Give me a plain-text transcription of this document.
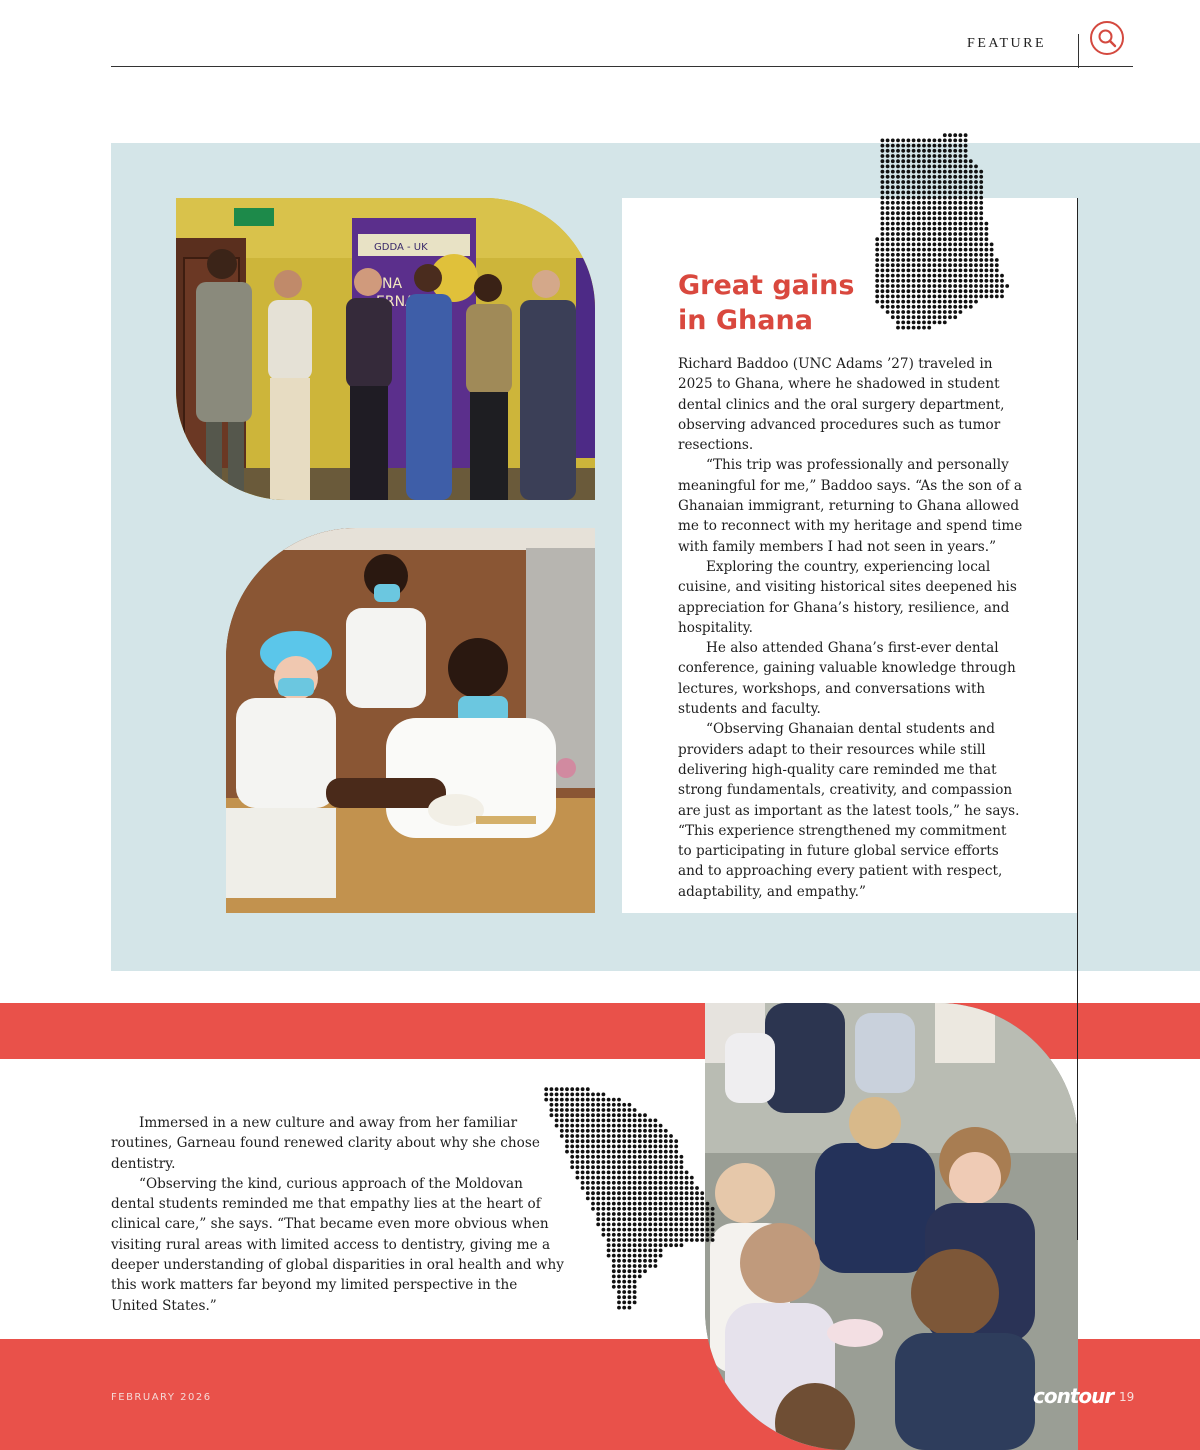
FEATURE
GDDA - UK
NA	Great gains
in Ghana

Richard Baddoo (UNC Adams ’27) traveled in 2025 to Ghana, where he shadowed in student dental clinics and the oral surgery department, observing advanced procedures such as tumor resections.

“This trip was professionally and personally meaningful for me,” Baddoo says. “As the son of a Ghanaian immigrant, returning to Ghana allowed me to reconnect with my heritage and spend time with family members I had not seen in years.”

Exploring the country, experiencing local cuisine, and visiting historical sites deepened his appreciation for Ghana’s history, resilience, and hospitality.

He also attended Ghana’s first-ever dental conference, gaining valuable knowledge through lectures, workshops, and conversations with students and faculty.

“Observing Ghanaian dental students and providers adapt to their resources while still delivering high-quality care reminded me that strong fundamentals, creativity, and compassion are just as important as the latest tools,” he says. “This experience strengthened my commitment to participating in future global service efforts and to approaching every patient with respect, adaptability, and empathy.”

Immersed in a new culture and away from her familiar routines, Garneau found renewed clarity about why she chose dentistry.

“Observing the kind, curious approach of the Moldovan dental students reminded me that empathy lies at the heart of clinical care,” she says. “That became even more obvious when visiting rural areas with limited access to dentistry, giving me a deeper understanding of global disparities in oral health and why this work matters far beyond my limited perspective in the United States.”

FEBRUARY 2026	contour 19
